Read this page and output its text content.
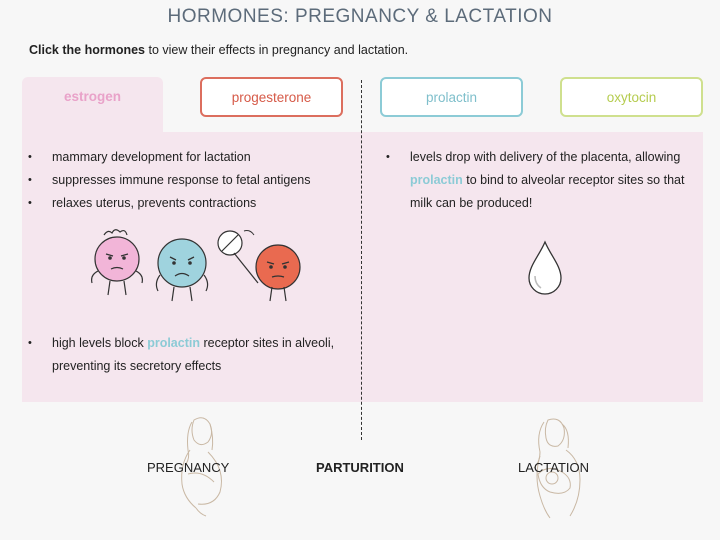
HORMONES: PREGNANCY & LACTATION
Click the hormones to view their effects in pregnancy and lactation.
• mammary development for lactation
• suppresses immune response to fetal antigens
• relaxes uterus, prevents contractions
• high levels block prolactin receptor sites in alveoli, preventing its secretory effects
• levels drop with delivery of the placenta, allowing prolactin to bind to alveolar receptor sites so that milk can be produced!
estrogen	progesterone	prolactin	oxytocin
PREGNANCY	PARTURITION	LACTATION
